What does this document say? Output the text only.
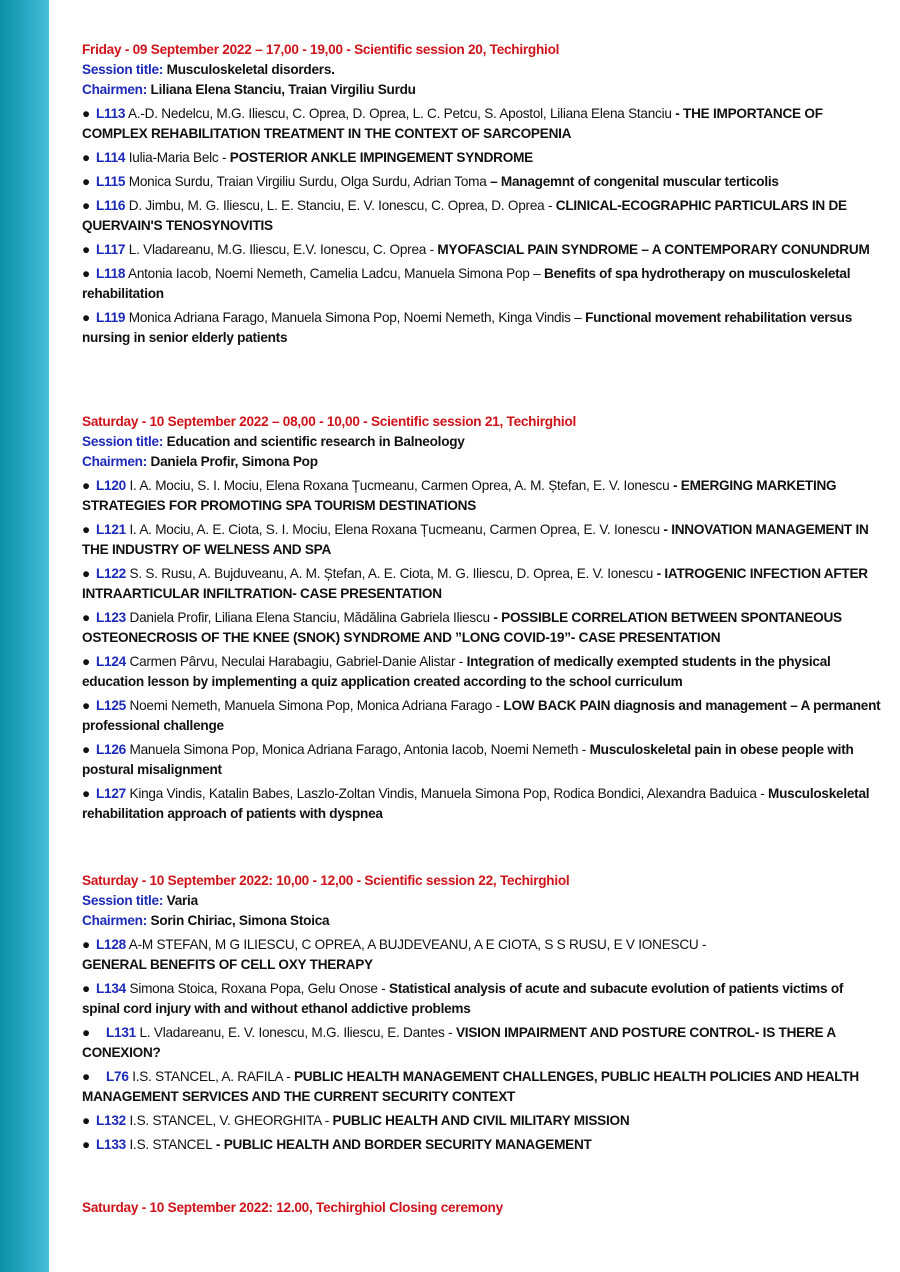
Friday - 09 September 2022 – 17,00 - 19,00 - Scientific session 20, Techirghiol
Session title: Musculoskeletal disorders.
Chairmen: Liliana Elena Stanciu, Traian Virgiliu Surdu
● L113 A.-D. Nedelcu, M.G. Iliescu, C. Oprea, D. Oprea, L. C. Petcu, S. Apostol, Liliana Elena Stanciu - THE IMPORTANCE OF COMPLEX REHABILITATION TREATMENT IN THE CONTEXT OF SARCOPENIA
● L114 Iulia-Maria Belc - POSTERIOR ANKLE IMPINGEMENT SYNDROME
● L115 Monica Surdu, Traian Virgiliu Surdu, Olga Surdu, Adrian Toma – Managemnt of congenital muscular terticolis
● L116 D. Jimbu, M. G. Iliescu, L. E. Stanciu, E. V. Ionescu, C. Oprea, D. Oprea - CLINICAL-ECOGRAPHIC PARTICULARS IN DE QUERVAIN'S TENOSYNOVITIS
● L117 L. Vladareanu, M.G. Iliescu, E.V. Ionescu, C. Oprea - MYOFASCIAL PAIN SYNDROME – A CONTEMPORARY CONUNDRUM
● L118 Antonia Iacob, Noemi Nemeth, Camelia Ladcu, Manuela Simona Pop – Benefits of spa hydrotherapy on musculoskeletal rehabilitation
● L119 Monica Adriana Farago, Manuela Simona Pop, Noemi Nemeth, Kinga Vindis – Functional movement rehabilitation versus nursing in senior elderly patients
Saturday - 10 September 2022 – 08,00 - 10,00 - Scientific session 21, Techirghiol
Session title: Education and scientific research in Balneology
Chairmen: Daniela Profir, Simona Pop
● L120 I. A. Mociu, S. I. Mociu, Elena Roxana Țucmeanu, Carmen Oprea, A. M. Ștefan, E. V. Ionescu - EMERGING MARKETING STRATEGIES FOR PROMOTING SPA TOURISM DESTINATIONS
● L121 I. A. Mociu, A. E. Ciota, S. I. Mociu, Elena Roxana Țucmeanu, Carmen Oprea, E. V. Ionescu - INNOVATION MANAGEMENT IN THE INDUSTRY OF WELNESS AND SPA
● L122 S. S. Rusu, A. Bujduveanu, A. M. Ștefan, A. E. Ciota, M. G. Iliescu, D. Oprea, E. V. Ionescu - IATROGENIC INFECTION AFTER INTRAARTICULAR INFILTRATION- CASE PRESENTATION
● L123 Daniela Profir, Liliana Elena Stanciu, Mădălina Gabriela Iliescu - POSSIBLE CORRELATION BETWEEN SPONTANEOUS OSTEONECROSIS OF THE KNEE (SNOK) SYNDROME AND ”LONG COVID-19”- CASE PRESENTATION
● L124 Carmen Pârvu, Neculai Harabagiu, Gabriel-Danie Alistar - Integration of medically exempted students in the physical education lesson by implementing a quiz application created according to the school curriculum
● L125 Noemi Nemeth, Manuela Simona Pop, Monica Adriana Farago - LOW BACK PAIN diagnosis and management – A permanent professional challenge
● L126 Manuela Simona Pop, Monica Adriana Farago, Antonia Iacob, Noemi Nemeth - Musculoskeletal pain in obese people with postural misalignment
● L127 Kinga Vindis, Katalin Babes, Laszlo-Zoltan Vindis, Manuela Simona Pop, Rodica Bondici, Alexandra Baduica - Musculoskeletal rehabilitation approach of patients with dyspnea
Saturday - 10 September 2022: 10,00 - 12,00 - Scientific session 22, Techirghiol
Session title: Varia
Chairmen: Sorin Chiriac, Simona Stoica
● L128 A-M STEFAN, M G ILIESCU, C OPREA, A BUJDEVEANU, A E CIOTA, S S RUSU, E V IONESCU -
GENERAL BENEFITS OF CELL OXY THERAPY
● L134 Simona Stoica, Roxana Popa, Gelu Onose - Statistical analysis of acute and subacute evolution of patients victims of spinal cord injury with and without ethanol addictive problems
● L131 L. Vladareanu, E. V. Ionescu, M.G. Iliescu, E. Dantes - VISION IMPAIRMENT AND POSTURE CONTROL- IS THERE A CONEXION?
● L76 I.S. STANCEL, A. RAFILA - PUBLIC HEALTH MANAGEMENT CHALLENGES, PUBLIC HEALTH POLICIES AND HEALTH MANAGEMENT SERVICES AND THE CURRENT SECURITY CONTEXT
● L132 I.S. STANCEL, V. GHEORGHITA - PUBLIC HEALTH AND CIVIL MILITARY MISSION
● L133 I.S. STANCEL - PUBLIC HEALTH AND BORDER SECURITY MANAGEMENT
Saturday - 10 September 2022: 12.00, Techirghiol Closing ceremony
